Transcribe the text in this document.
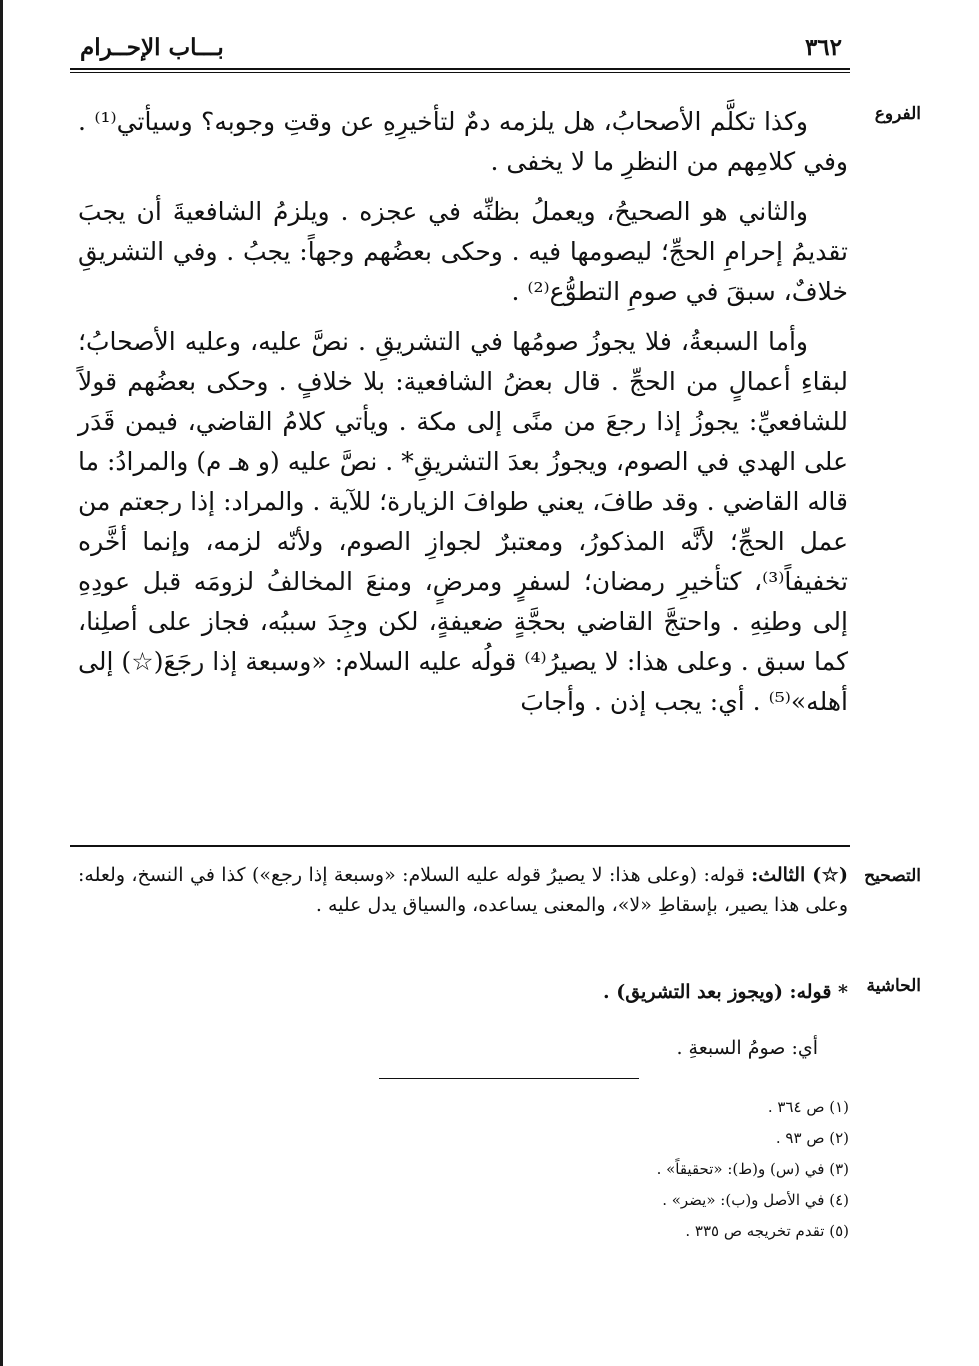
٣٦٢
بـــاب الإحــرام
الفروع
التصحيح
الحاشية

وكذا تكلَّم الأصحابُ، هل يلزمه دمٌ لتأخيرِهِ عن وقتِ وجوبه؟ وسيأتي⁽¹⁾ . وفي كلامِهم من النظرِ ما لا يخفى .

والثاني هو الصحيحُ، ويعملُ بظنِّه في عجزه . ويلزمُ الشافعيةَ أن يجبَ تقديمُ إحرامِ الحجِّ؛ ليصومها فيه . وحكى بعضُهم وجهاً: يجبُ . وفي التشريقِ خلافٌ، سبقَ في صومِ التطوُّع⁽²⁾ .

وأما السبعةُ، فلا يجوزُ صومُها في التشريقِ . نصَّ عليه، وعليه الأصحابُ؛ لبقاءِ أعمالٍ من الحجِّ . قال بعضُ الشافعية: بلا خلافٍ . وحكى بعضُهم قولاً للشافعيِّ: يجوزُ إذا رجعَ من منًى إلى مكة . ويأتي كلامُ القاضي، فيمن قَدَر على الهدي في الصوم، ويجوزُ بعدَ التشريقِ* . نصَّ عليه (و هـ م) والمرادُ: ما قاله القاضي . وقد طافَ، يعني طوافَ الزيارة؛ للآية . والمراد: إذا رجعتم من عمل الحجِّ؛ لأنَّه المذكورُ، ومعتبرٌ لجوازِ الصوم، ولأنّه لزمه، وإنما أخَّره تخفيفاً⁽³⁾، كتأخيرِ رمضان؛ لسفرٍ ومرضٍ، ومنعَ المخالفُ لزومَه قبل عودِهِ إلى وطنِهِ . واحتجَّ القاضي بحجَّةٍ ضعيفةٍ، لكن وجِدَ سببُه، فجاز على أصلِنا، كما سبق . وعلى هذا: لا يصيرُ⁽⁴⁾ قولُه عليه السلام: «وسبعة إذا رجَعَ(☆) إلى أهله»⁽⁵⁾ . أي: يجب إذن . وأجابَ

(☆) الثالث: قوله: (وعلى هذا: لا يصيرُ قوله عليه السلام: «وسبعة إذا رجع») كذا في النسخ، ولعله: وعلى هذا يصير، بإسقاطِ «لا»، والمعنى يساعده، والسياق يدل عليه .
* قوله: (ويجوز بعد التشريق) .
أي: صومُ السبعةِ .
(١) ص ٣٦٤ .
(٢) ص ٩٣ .
(٣) في (س) و(ط): «تحقيقاً» .
(٤) في الأصل و(ب): «يضر» .
(٥) تقدم تخريجه ص ٣٣٥ .
